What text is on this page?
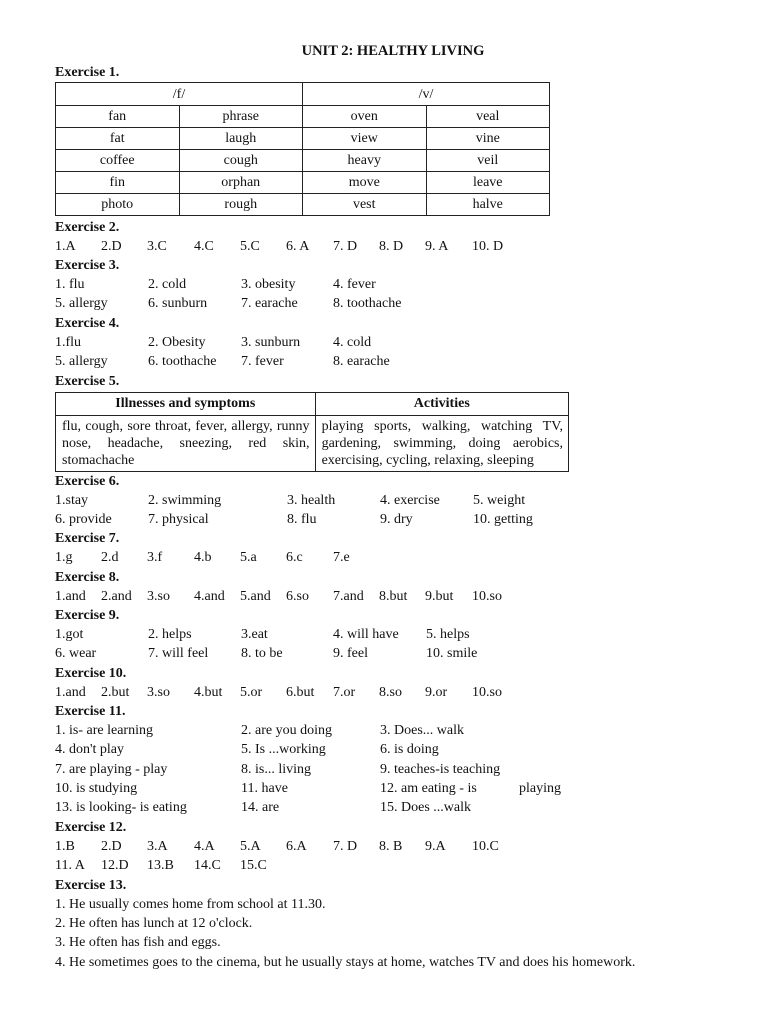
UNIT 2: HEALTHY LIVING
Exercise 1.
/f/		/v/	
fan	phrase	oven	veal
fat	laugh	view	vine
coffee	cough	heavy	veil
fin	orphan	move	leave
photo	rough	vest	halve
Exercise 2.
1.A 2.D 3.C 4.C 5.C 6. A 7. D 8. D 9. A 10. D
Exercise 3.
1. flu	2. cold	3. obesity	4. fever
5. allergy	6. sunburn 7. earache	8. toothache
Exercise 4.
1.flu	2. Obesity	3. sunburn 4. cold
5. allergy	6. toothache 7. fever	8. earache
Exercise 5.
Illnesses and symptoms	Activities
flu, cough, sore throat, fever, allergy, runny nose, headache, sneezing, red skin, stomachache	playing sports, walking, watching TV, gardening, swimming, doing aerobics, exercising, cycling, relaxing, sleeping
Exercise 6.
1.stay	2. swimming	3. health	4. exercise 5. weight
6. provide	7. physical	8. flu	9. dry	10. getting
Exercise 7.
1.g 2.d 3.f 4.b 5.a 6.c 7.e
Exercise 8.
1.and 2.and 3.so 4.and 5.and 6.so 7.and 8.but 9.but 10.so
Exercise 9.
1.got	2. helps	3.eat	4. will have 5. helps
6. wear	7. will feel 8. to be	9. feel	10. smile
Exercise 10.
1.and 2.but 3.so 4.but 5.or 6.but 7.or 8.so 9.or 10.so
Exercise 11.
1. is- are learning	2. are you doing	3. Does... walk
4. don't play	5. Is ...working	6. is doing
7. are playing - play	8. is... living	9. teaches-is teaching
10. is studying	11. have	12. am eating - is	playing
13. is looking- is eating	14. are	15. Does ...walk
Exercise 12.
1.B 2.D 3.A 4.A 5.A 6.A 7. D 8. B 9.A 10.C
11. A 12.D 13.B 14.C 15.C
Exercise 13.
1. He usually comes home from school at 11.30.
2. He often has lunch at 12 o'clock.
3. He often has fish and eggs.
4. He sometimes goes to the cinema, but he usually stays at home, watches TV and does his homework.
